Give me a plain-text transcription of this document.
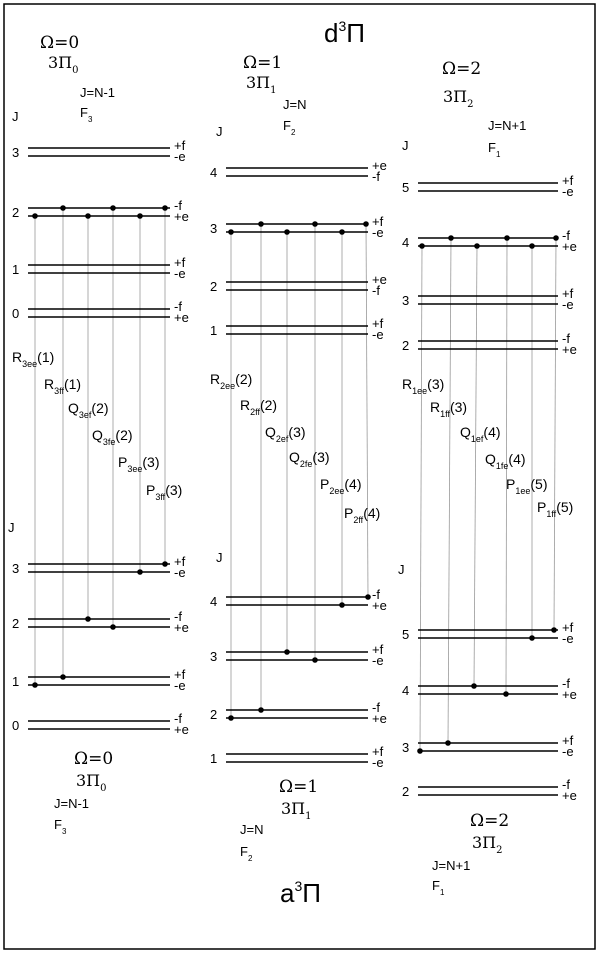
$d^3\Pi$
$a^3\Pi$
Ω=0
$3\Pi_0$
J=N-1
$F_3$
J
Ω=0
$3\Pi_0$
J=N-1
$F_3$
J
3	+f
-e
2	-f
+e
1	+f
-e
0	-f
+e
3	+f
-e
2	-f
+e
1	+f
-e
0	-f
+e
$R_{3ee}(1)$
$R_{3ff}(1)$
$Q_{3ef}(2)$
$Q_{3fe}(2)$
$P_{3ee}(3)$
$P_{3ff}(3)$
Ω=1
$3\Pi_1$
J=N
$F_2$
J
Ω=1
$3\Pi_1$
J=N
$F_2$
J
4	+e
-f
3	+f
-e
2	+e
-f
1	+f
-e
4	-f
+e
3	+f
-e
2	-f
+e
1	+f
-e
$R_{2ee}(2)$
$R_{2ff}(2)$
$Q_{2ef}(3)$
$Q_{2fe}(3)$
$P_{2ee}(4)$
$P_{2ff}(4)$
Ω=2
$3\Pi_2$
J=N+1
$F_1$
J
Ω=2
$3\Pi_2$
J=N+1
$F_1$
J
5	+f
-e
4	-f
+e
3	+f
-e
2	-f
+e
5	+f
-e
4	-f
+e
3	+f
-e
2	-f
+e
$R_{1ee}(3)$
$R_{1ff}(3)$
$Q_{1ef}(4)$
$Q_{1fe}(4)$
$P_{1ee}(5)$
$P_{1ff}(5)$
